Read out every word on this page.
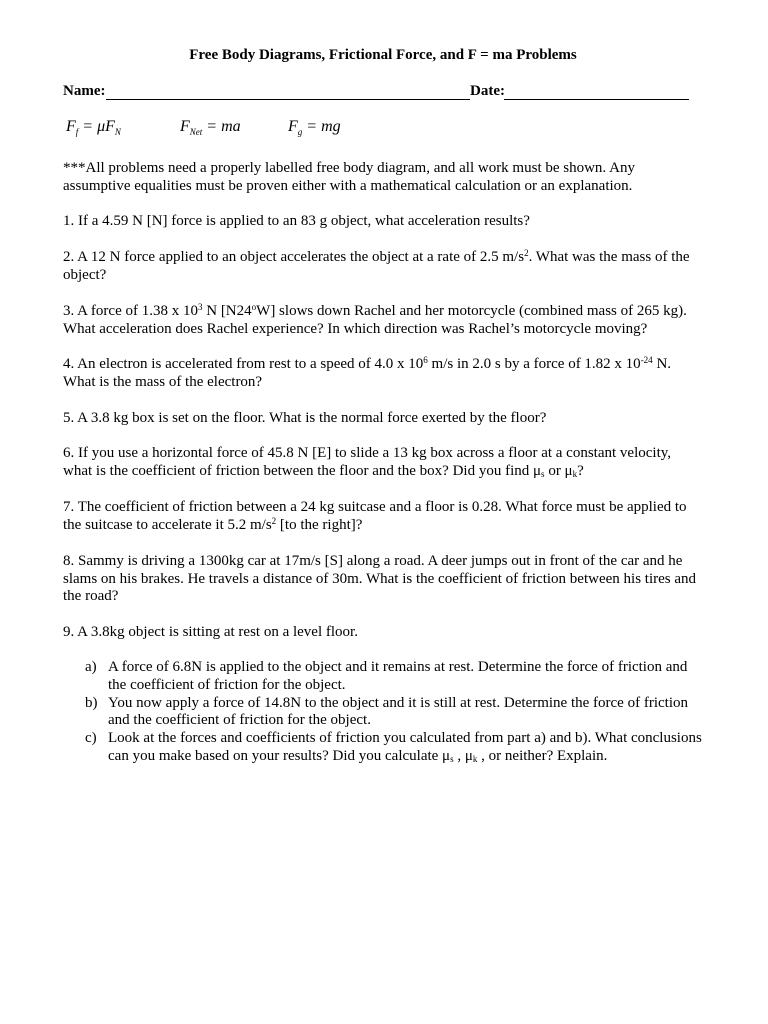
Free Body Diagrams, Frictional Force, and F = ma Problems
Name:	Date:
$F_f = \mu F_N$	$F_{Net}$ = ma	$F_g$ = mg
***All problems need a properly labelled free body diagram, and all work must be shown. Any assumptive equalities must be proven either with a mathematical calculation or an explanation.
1. If a 4.59 N [N] force is applied to an 83 g object, what acceleration results?
2. A 12 N force applied to an object accelerates the object at a rate of 2.5 $m/s^2$. What was the mass of the object?
3. A force of 1.38 x $10^3$ N [N24$^o$W] slows down Rachel and her motorcycle (combined mass of 265 kg). What acceleration does Rachel experience? In which direction was Rachel’s motorcycle moving?
4. An electron is accelerated from rest to a speed of 4.0 x $10^6$ m/s in 2.0 s by a force of 1.82 x $10^{-24}$ N. What is the mass of the electron?
5. A 3.8 kg box is set on the floor. What is the normal force exerted by the floor?
6. If you use a horizontal force of 45.8 N [E] to slide a 13 kg box across a floor at a constant velocity, what is the coefficient of friction between the floor and the box? Did you find $\mu_s$ or $\mu_k$?
7. The coefficient of friction between a 24 kg suitcase and a floor is 0.28. What force must be applied to the suitcase to accelerate it 5.2 $m/s^2$ [to the right]?
8. Sammy is driving a 1300kg car at 17m/s [S] along a road. A deer jumps out in front of the car and he slams on his brakes. He travels a distance of 30m. What is the coefficient of friction between his tires and the road?
9. A 3.8kg object is sitting at rest on a level floor.
a) A force of 6.8N is applied to the object and it remains at rest. Determine the force of friction and the coefficient of friction for the object.
b) You now apply a force of 14.8N to the object and it is still at rest. Determine the force of friction and the coefficient of friction for the object.
c) Look at the forces and coefficients of friction you calculated from part a) and b). What conclusions can you make based on your results? Did you calculate $\mu_s$ , $\mu_k$ , or neither? Explain.
